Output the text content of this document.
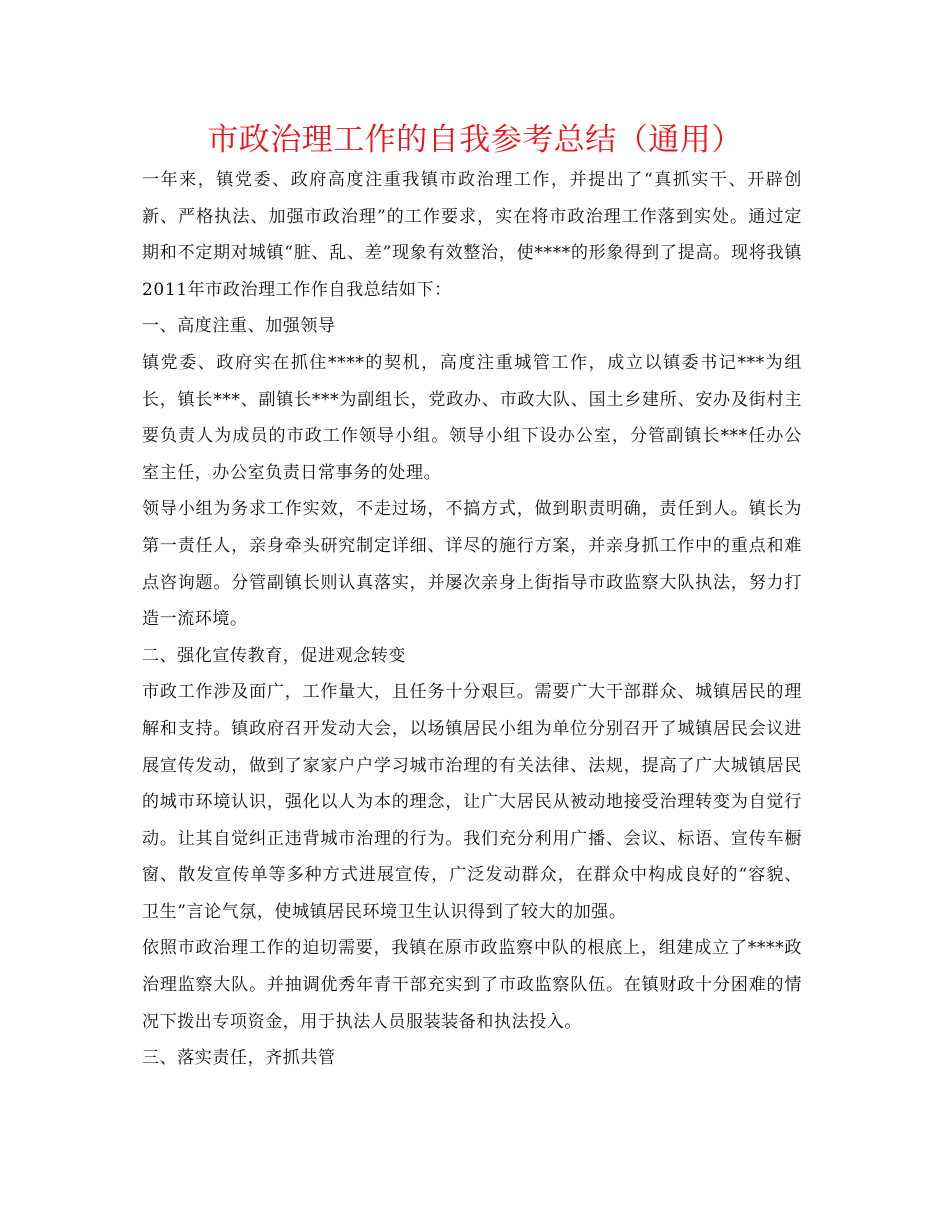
市政治理工作的自我参考总结（通用）

一年来，镇党委、政府高度注重我镇市政治理工作，并提出了“真抓实干、开辟创新、严格执法、加强市政治理”的工作要求，实在将市政治理工作落到实处。通过定期和不定期对城镇“脏、乱、差”现象有效整治，使****的形象得到了提高。现将我镇2011年市政治理工作作自我总结如下：

一、高度注重、加强领导

镇党委、政府实在抓住****的契机，高度注重城管工作，成立以镇委书记***为组长，镇长***、副镇长***为副组长，党政办、市政大队、国土乡建所、安办及街村主要负责人为成员的市政工作领导小组。领导小组下设办公室，分管副镇长***任办公室主任，办公室负责日常事务的处理。

领导小组为务求工作实效，不走过场，不搞方式，做到职责明确，责任到人。镇长为第一责任人，亲身牵头研究制定详细、详尽的施行方案，并亲身抓工作中的重点和难点咨询题。分管副镇长则认真落实，并屡次亲身上街指导市政监察大队执法，努力打造一流环境。

二、强化宣传教育，促进观念转变

市政工作涉及面广，工作量大，且任务十分艰巨。需要广大干部群众、城镇居民的理解和支持。镇政府召开发动大会，以场镇居民小组为单位分别召开了城镇居民会议进展宣传发动，做到了家家户户学习城市治理的有关法律、法规，提高了广大城镇居民的城市环境认识，强化以人为本的理念，让广大居民从被动地接受治理转变为自觉行动。让其自觉纠正违背城市治理的行为。我们充分利用广播、会议、标语、宣传车橱窗、散发宣传单等多种方式进展宣传，广泛发动群众，在群众中构成良好的“容貌、卫生”言论气氛，使城镇居民环境卫生认识得到了较大的加强。

依照市政治理工作的迫切需要，我镇在原市政监察中队的根底上，组建成立了****政治理监察大队。并抽调优秀年青干部充实到了市政监察队伍。在镇财政十分困难的情况下拨出专项资金，用于执法人员服装装备和执法投入。

三、落实责任，齐抓共管
